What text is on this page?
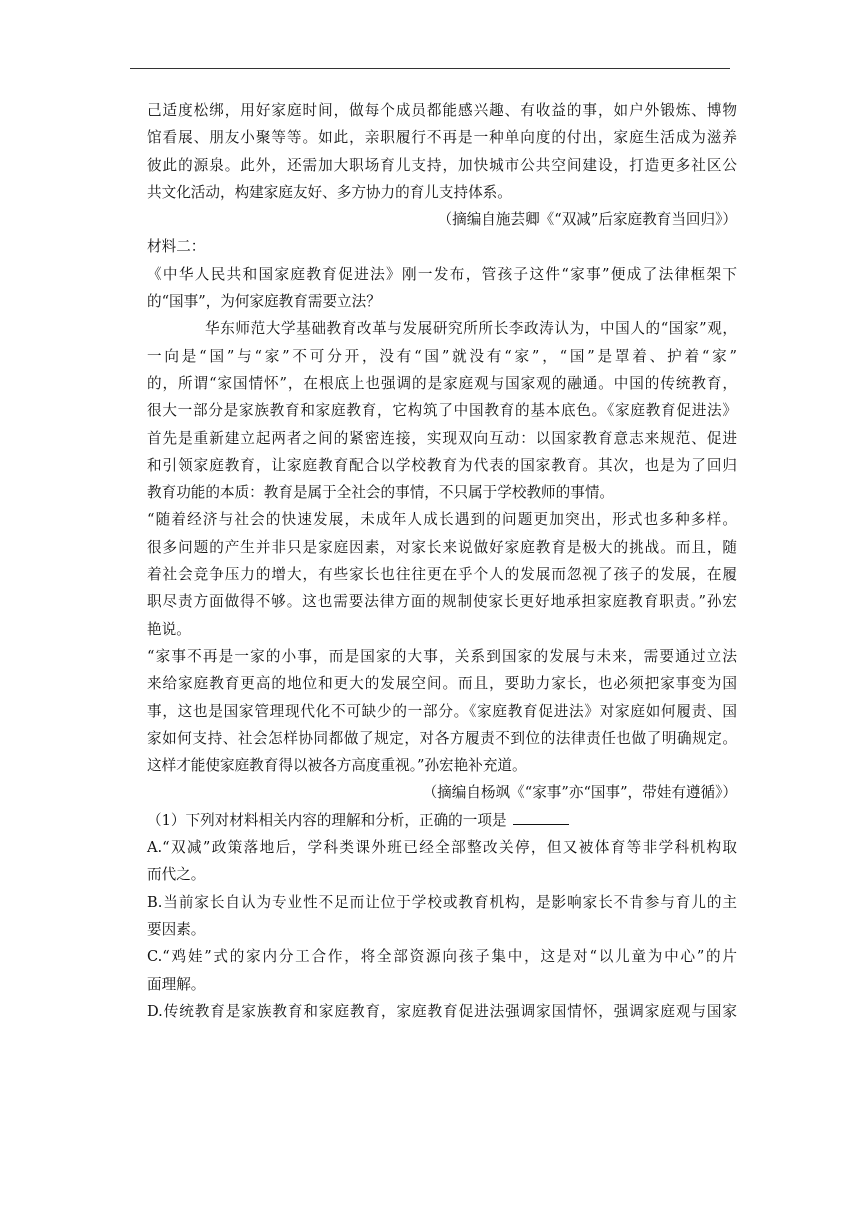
己适度松绑，用好家庭时间，做每个成员都能感兴趣、有收益的事，如户外锻炼、博物
馆看展、朋友小聚等等。如此，亲职履行不再是一种单向度的付出，家庭生活成为滋养
彼此的源泉。此外，还需加大职场育儿支持，加快城市公共空间建设，打造更多社区公
共文化活动，构建家庭友好、多方协力的育儿支持体系。
（摘编自施芸卿《“双减”后家庭教育当回归》）
材料二：
《中华人民共和国家庭教育促进法》刚一发布，管孩子这件“家事”便成了法律框架下
的“国事”，为何家庭教育需要立法？
华东师范大学基础教育改革与发展研究所所长李政涛认为，中国人的“国家”观，
一向是“国”与“家”不可分开，没有“国”就没有“家”，“国”是罩着、护着“家”
的，所谓“家国情怀”，在根底上也强调的是家庭观与国家观的融通。中国的传统教育，
很大一部分是家族教育和家庭教育，它构筑了中国教育的基本底色。《家庭教育促进法》
首先是重新建立起两者之间的紧密连接，实现双向互动：以国家教育意志来规范、促进
和引领家庭教育，让家庭教育配合以学校教育为代表的国家教育。其次，也是为了回归
教育功能的本质：教育是属于全社会的事情，不只属于学校教师的事情。
“随着经济与社会的快速发展，未成年人成长遇到的问题更加突出，形式也多种多样。
很多问题的产生并非只是家庭因素，对家长来说做好家庭教育是极大的挑战。而且，随
着社会竞争压力的增大，有些家长也往往更在乎个人的发展而忽视了孩子的发展，在履
职尽责方面做得不够。这也需要法律方面的规制使家长更好地承担家庭教育职责。”孙宏
艳说。
“家事不再是一家的小事，而是国家的大事，关系到国家的发展与未来，需要通过立法
来给家庭教育更高的地位和更大的发展空间。而且，要助力家长，也必须把家事变为国
事，这也是国家管理现代化不可缺少的一部分。《家庭教育促进法》对家庭如何履责、国
家如何支持、社会怎样协同都做了规定，对各方履责不到位的法律责任也做了明确规定。
这样才能使家庭教育得以被各方高度重视。”孙宏艳补充道。
（摘编自杨飒《“家事”亦“国事”，带娃有遵循》）
（1）下列对材料相关内容的理解和分析，正确的一项是
A.“双减”政策落地后，学科类课外班已经全部整改关停，但又被体育等非学科机构取
而代之。
B.当前家长自认为专业性不足而让位于学校或教育机构，是影响家长不肯参与育儿的主
要因素。
C.“鸡娃”式的家内分工合作，将全部资源向孩子集中，这是对“以儿童为中心”的片
面理解。
D.传统教育是家族教育和家庭教育，家庭教育促进法强调家国情怀，强调家庭观与国家
